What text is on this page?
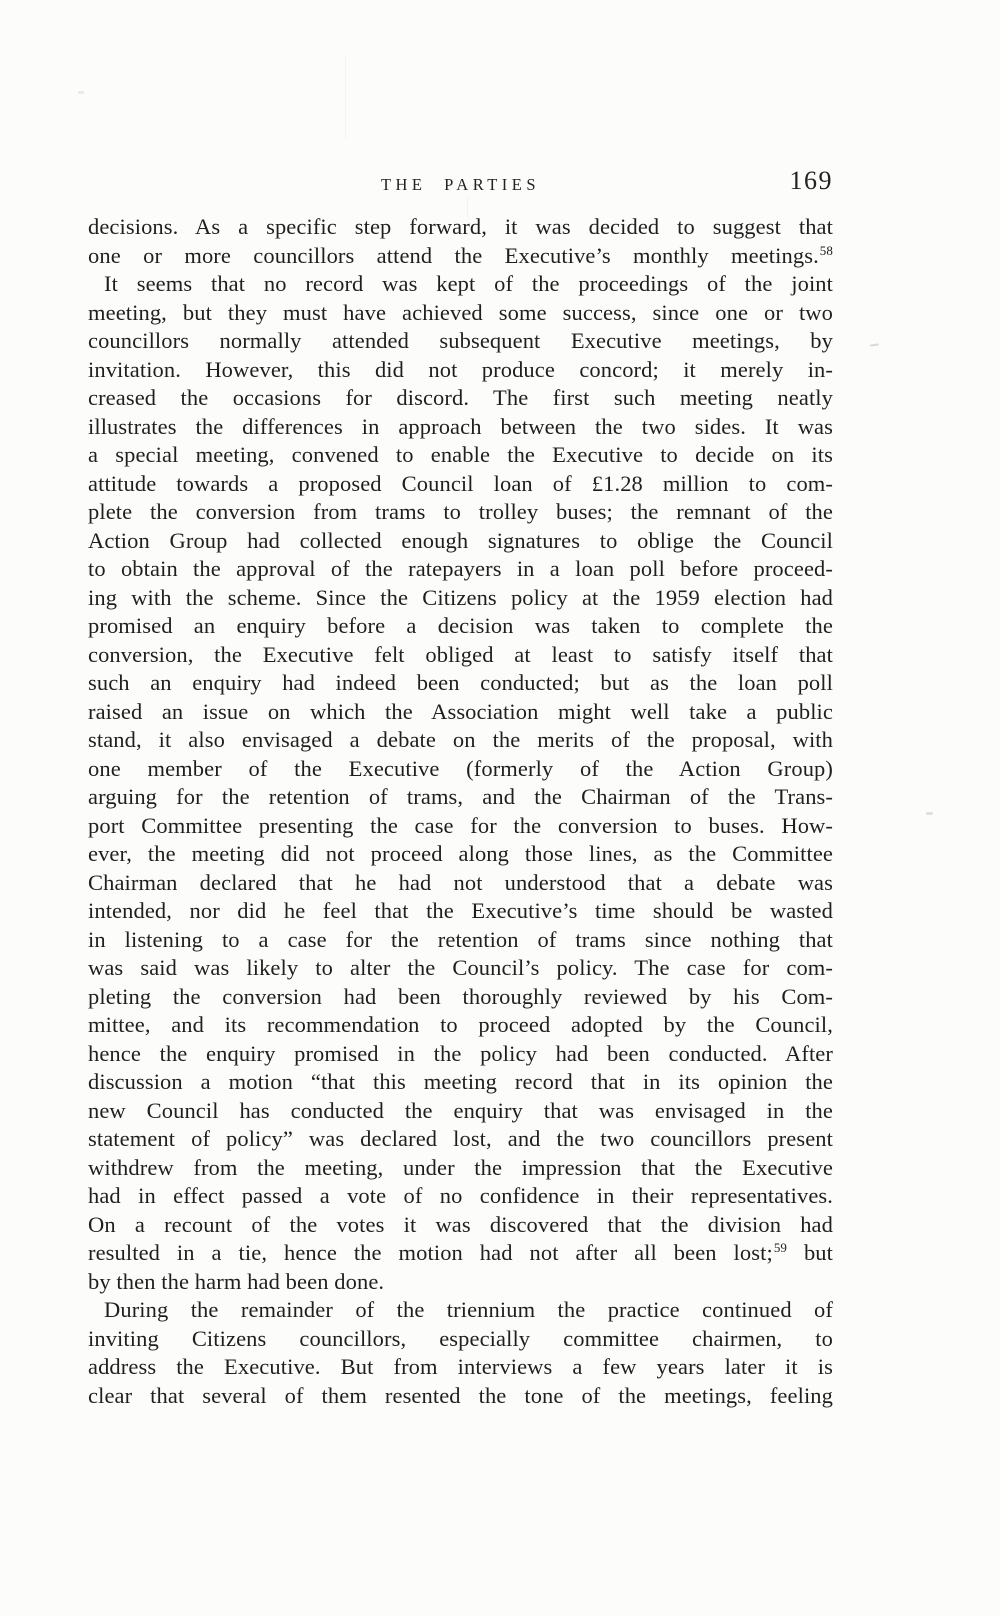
THE PARTIES	169
decisions. As a specific step forward, it was decided to suggest that
one or more councillors attend the Executive’s monthly meetings.$^{58}$
It seems that no record was kept of the proceedings of the joint
meeting, but they must have achieved some success, since one or two
councillors normally attended subsequent Executive meetings, by
invitation. However, this did not produce concord; it merely in-
creased the occasions for discord. The first such meeting neatly
illustrates the differences in approach between the two sides. It was
a special meeting, convened to enable the Executive to decide on its
attitude towards a proposed Council loan of £1.28 million to com-
plete the conversion from trams to trolley buses; the remnant of the
Action Group had collected enough signatures to oblige the Council
to obtain the approval of the ratepayers in a loan poll before proceed-
ing with the scheme. Since the Citizens policy at the 1959 election had
promised an enquiry before a decision was taken to complete the
conversion, the Executive felt obliged at least to satisfy itself that
such an enquiry had indeed been conducted; but as the loan poll
raised an issue on which the Association might well take a public
stand, it also envisaged a debate on the merits of the proposal, with
one member of the Executive (formerly of the Action Group)
arguing for the retention of trams, and the Chairman of the Trans-
port Committee presenting the case for the conversion to buses. How-
ever, the meeting did not proceed along those lines, as the Committee
Chairman declared that he had not understood that a debate was
intended, nor did he feel that the Executive’s time should be wasted
in listening to a case for the retention of trams since nothing that
was said was likely to alter the Council’s policy. The case for com-
pleting the conversion had been thoroughly reviewed by his Com-
mittee, and its recommendation to proceed adopted by the Council,
hence the enquiry promised in the policy had been conducted. After
discussion a motion “that this meeting record that in its opinion the
new Council has conducted the enquiry that was envisaged in the
statement of policy” was declared lost, and the two councillors present
withdrew from the meeting, under the impression that the Executive
had in effect passed a vote of no confidence in their representatives.
On a recount of the votes it was discovered that the division had
resulted in a tie, hence the motion had not after all been lost;$^{59}$ but
by then the harm had been done.
During the remainder of the triennium the practice continued of
inviting Citizens councillors, especially committee chairmen, to
address the Executive. But from interviews a few years later it is
clear that several of them resented the tone of the meetings, feeling
